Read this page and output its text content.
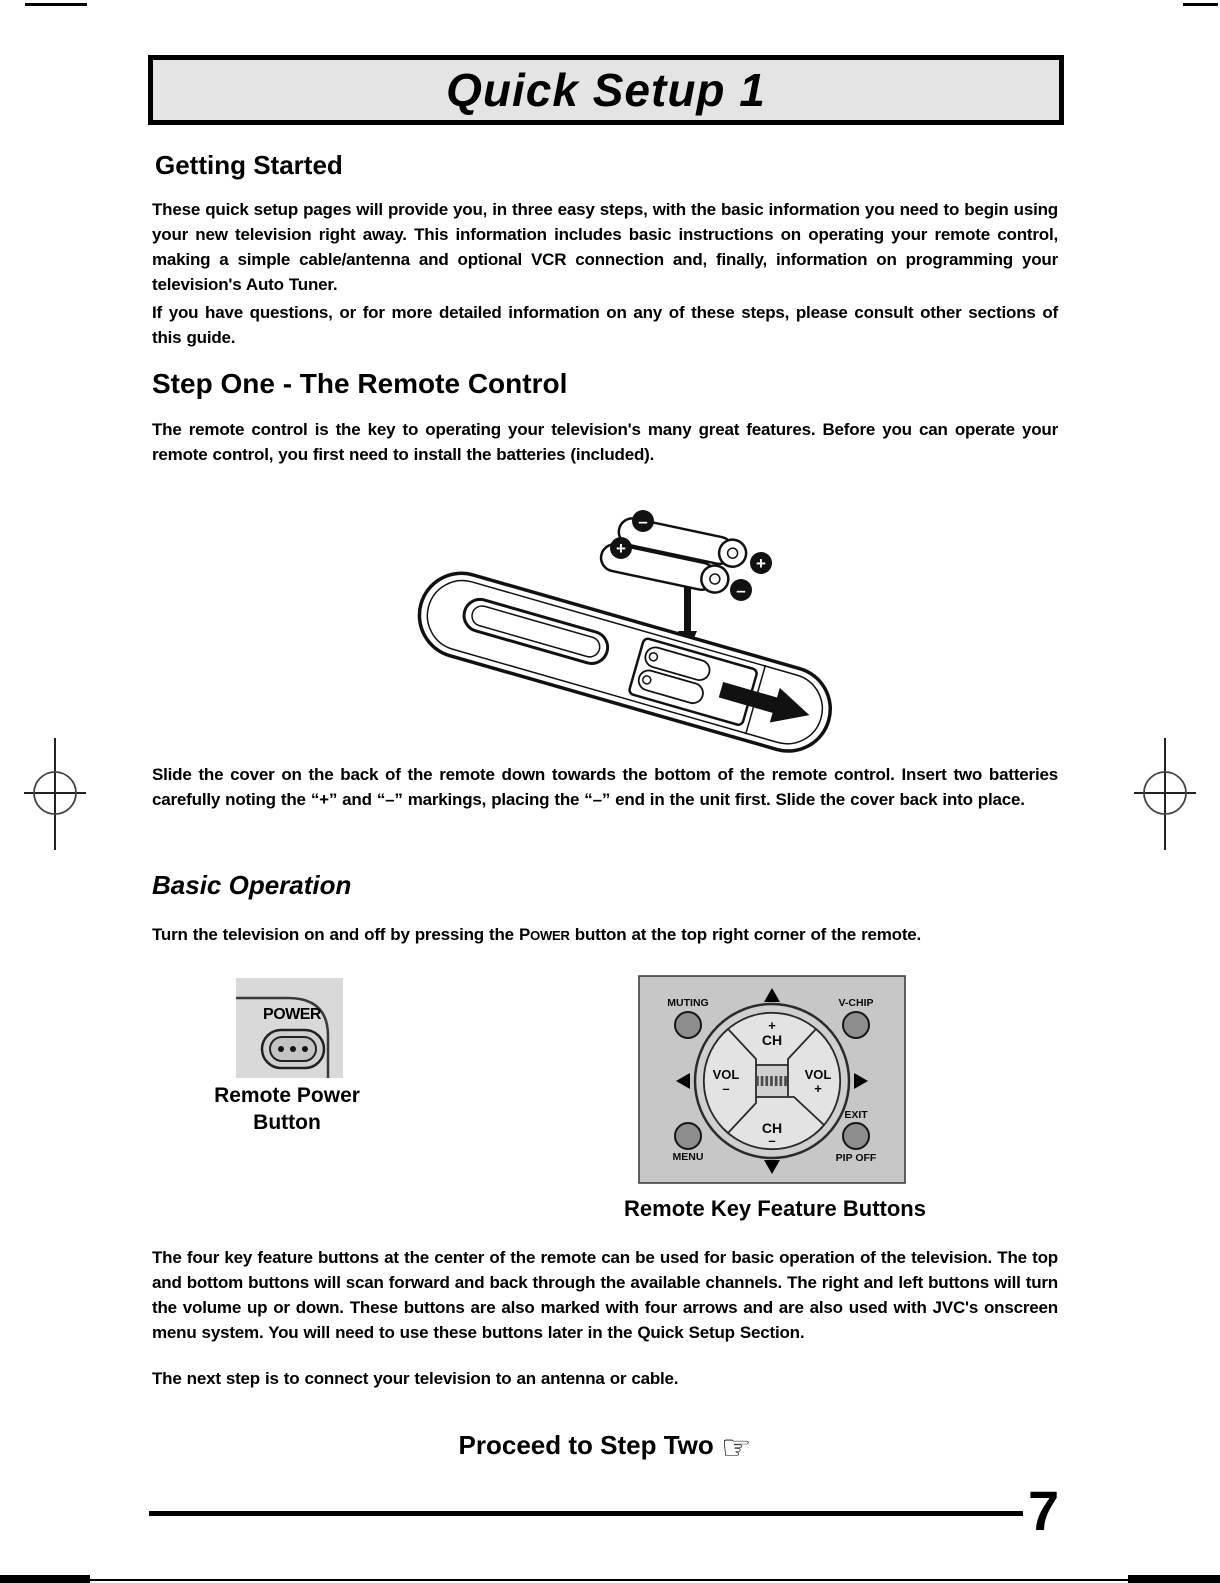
Quick Setup 1
Getting Started
These quick setup pages will provide you, in three easy steps, with the basic information you need to begin using your new television right away. This information includes basic instructions on operating your remote control, making a simple cable/antenna and optional VCR connection and, finally, information on programming your television's Auto Tuner.
If you have questions, or for more detailed information on any of these steps, please consult other sections of this guide.
Step One - The Remote Control
The remote control is the key to operating your television's many great features. Before you can operate your remote control, you first need to install the batteries (included).
–
+
+
–
Slide the cover on the back of the remote down towards the bottom of the remote control. Insert two batteries carefully noting the “+” and “–” markings, placing the “–” end in the unit first. Slide the cover back into place.
Basic Operation
Turn the television on and off by pressing the POWER button at the top right corner of the remote.
POWER
Remote Power
Button
MUTING	V-CHIP
MENU
EXIT
PIP OFF
+
CH
CH
–
VOL
–
VOL
+
Remote Key Feature Buttons
The four key feature buttons at the center of the remote can be used for basic operation of the television. The top and bottom buttons will scan forward and back through the available channels. The right and left buttons will turn the volume up or down. These buttons are also marked with four arrows and are also used with JVC's onscreen menu system. You will need to use these buttons later in the Quick Setup Section.
The next step is to connect your television to an antenna or cable.
Proceed to Step Two ☞
7
